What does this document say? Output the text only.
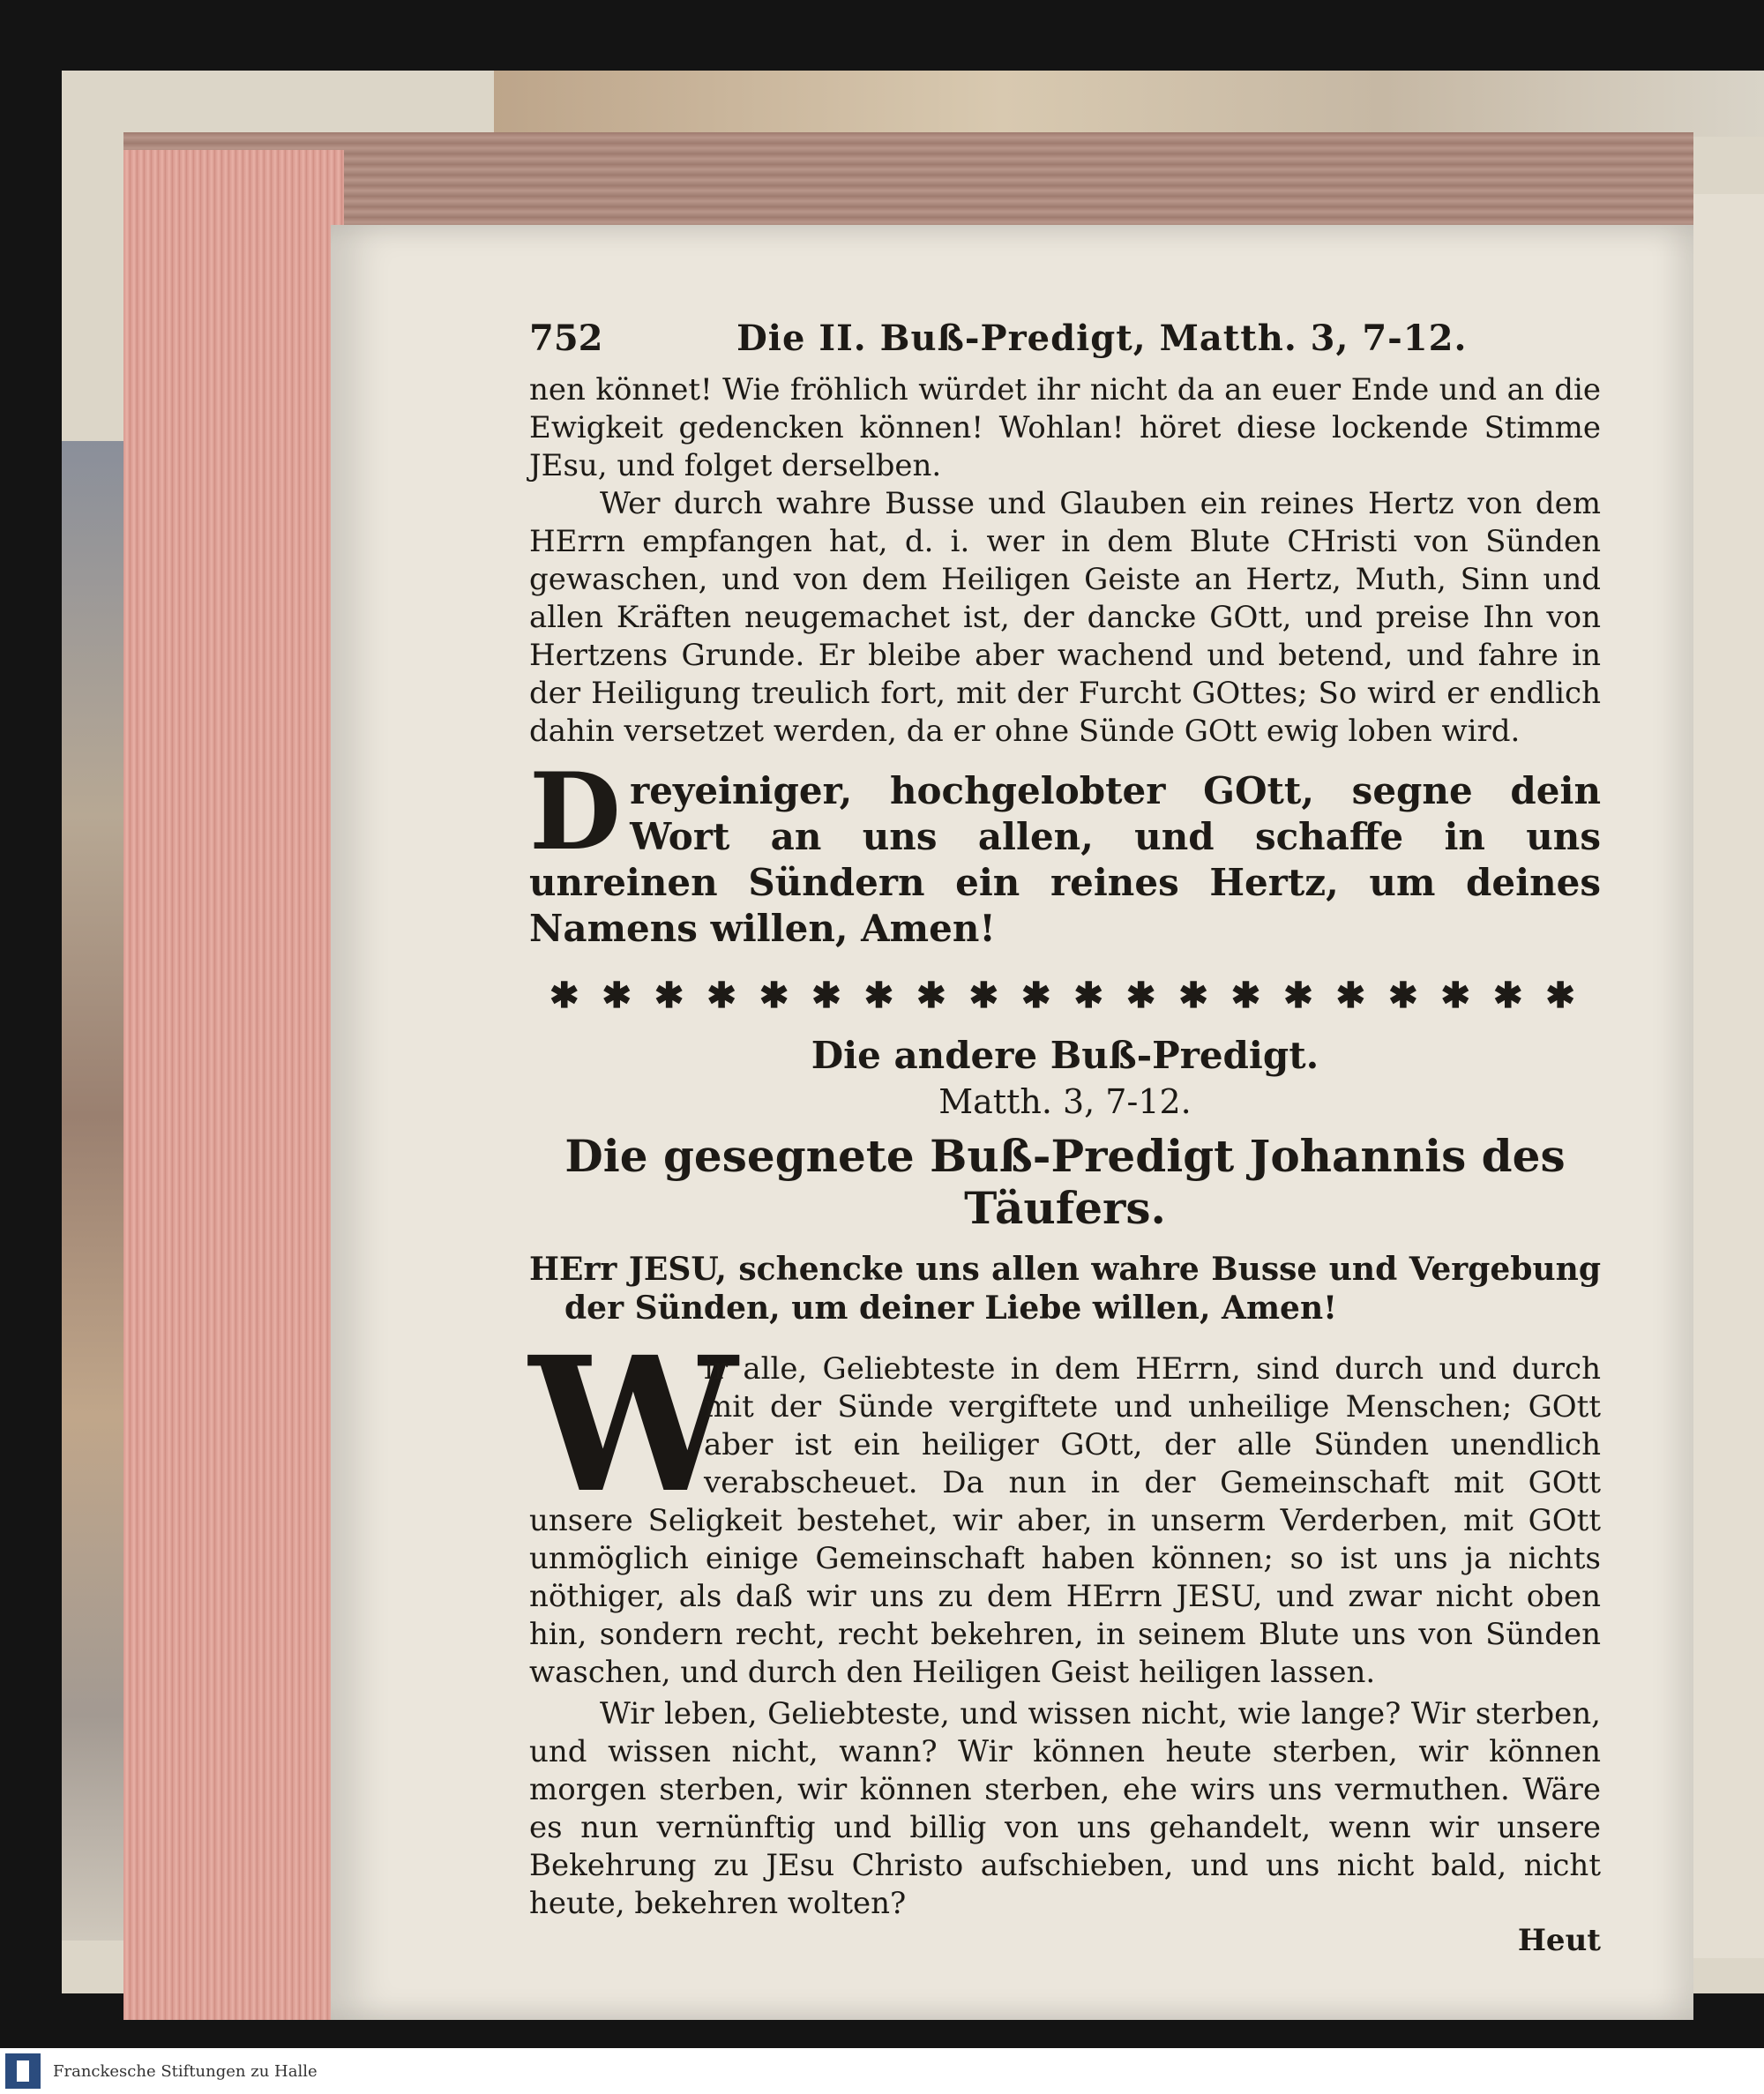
752	Die II. Buß-Predigt, Matth. 3, 7-12.

nen könnet! Wie fröhlich würdet ihr nicht da an euer Ende und an die Ewigkeit gedencken können! Wohlan! höret diese lockende Stimme JEsu, und folget derselben.

Wer durch wahre Busse und Glauben ein reines Hertz von dem HErrn empfangen hat, d. i. wer in dem Blute CHristi von Sünden gewaschen, und von dem Heiligen Geiste an Hertz, Muth, Sinn und allen Kräften neugemachet ist, der dancke GOtt, und preise Ihn von Hertzens Grunde. Er bleibe aber wachend und betend, und fahre in der Heiligung treulich fort, mit der Furcht GOttes; So wird er endlich dahin versetzet werden, da er ohne Sünde GOtt ewig loben wird.

Dreyeiniger, hochgelobter GOtt, segne dein Wort an uns allen, und schaffe in uns unreinen Sündern ein reines Hertz, um deines Namens willen, Amen!

✱ ✱ ✱ ✱ ✱ ✱ ✱ ✱ ✱ ✱ ✱ ✱ ✱ ✱ ✱ ✱ ✱ ✱ ✱ ✱
Die andere Buß-Predigt.
Matth. 3, 7-12.
Die gesegnete Buß-Predigt Johannis des Täufers.

HErr JESU, schencke uns allen wahre Busse und Vergebung der Sünden, um deiner Liebe willen, Amen!

W
ir alle, Geliebteste in dem HErrn, sind durch und durch mit der Sünde vergiftete und unheilige Menschen; GOtt aber ist ein heiliger GOtt, der alle Sünden unendlich verabscheuet. Da nun in der Gemeinschaft mit GOtt unsere Seligkeit bestehet, wir aber, in unserm Verderben, mit GOtt unmöglich einige Gemeinschaft haben können; so ist uns ja nichts nöthiger, als daß wir uns zu dem HErrn JESU, und zwar nicht oben hin, sondern recht, recht bekehren, in seinem Blute uns von Sünden waschen, und durch den Heiligen Geist heiligen lassen.

Wir leben, Geliebteste, und wissen nicht, wie lange? Wir sterben, und wissen nicht, wann? Wir können heute sterben, wir können morgen sterben, wir können sterben, ehe wirs uns vermuthen. Wäre es nun vernünftig und billig von uns gehandelt, wenn wir unsere Bekehrung zu JEsu Christo aufschieben, und uns nicht bald, nicht heute, bekehren wolten?

Heut
Franckesche Stiftungen zu Halle
